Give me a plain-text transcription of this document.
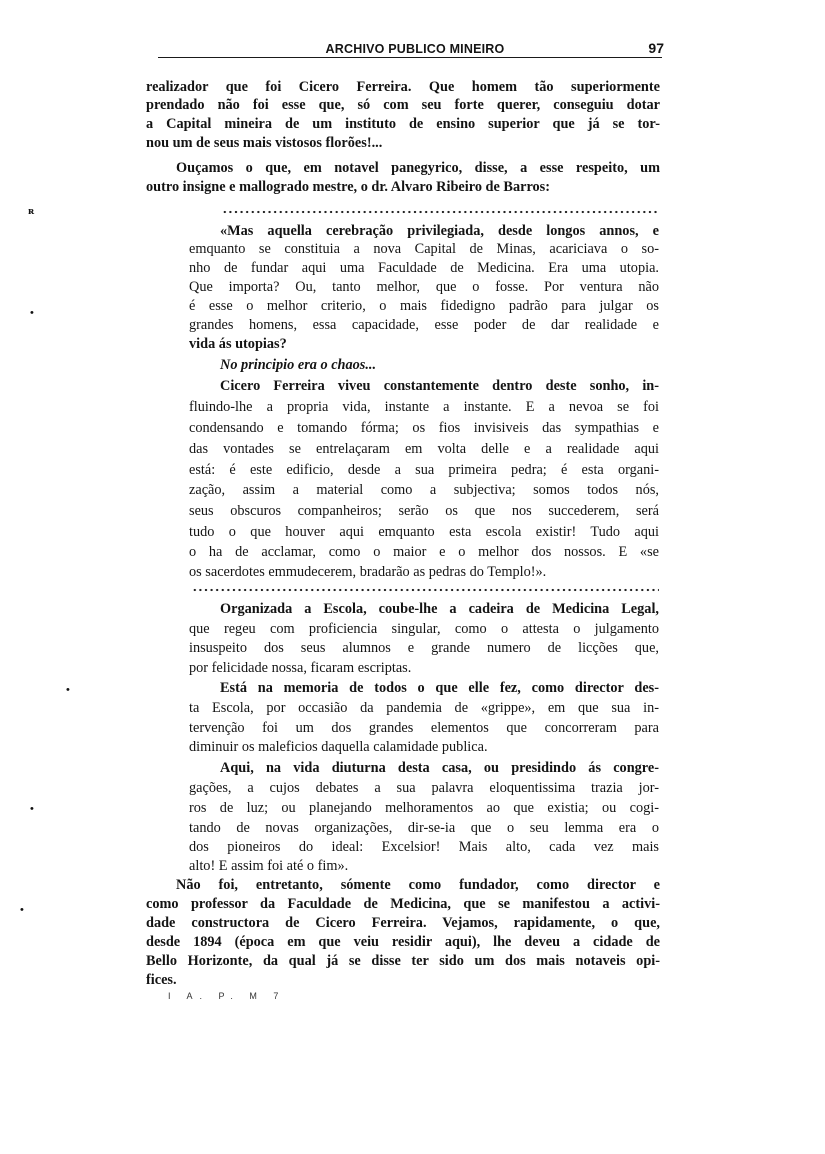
ARCHIVO PUBLICO MINEIRO	97
ʀ
•
•
•
•
realizador que foi Cicero Ferreira. Que homem tão superiormente
prendado não foi esse que, só com seu forte querer, conseguiu dotar
a Capital mineira de um instituto de ensino superior que já se tor-
nou um de seus mais vistosos florões!...
Ouçamos o que, em notavel panegyrico, disse, a esse respeito, um
outro insigne e mallogrado mestre, o dr. Alvaro Ribeiro de Barros:
«Mas aquella cerebração privilegiada, desde longos annos, e
emquanto se constituia a nova Capital de Minas, acariciava o so-
nho de fundar aqui uma Faculdade de Medicina. Era uma utopia.
Que importa? Ou, tanto melhor, que o fosse. Por ventura não
é esse o melhor criterio, o mais fidedigno padrão para julgar os
grandes homens, essa capacidade, esse poder de dar realidade e
vida ás utopias?
No principio era o chaos...
Cicero Ferreira viveu constantemente dentro deste sonho, in-
fluindo-lhe a propria vida, instante a instante. E a nevoa se foi
condensando e tomando fórma; os fios invisiveis das sympathias e
das vontades se entrelaçaram em volta delle e a realidade aqui
está: é este edificio, desde a sua primeira pedra; é esta organi-
zação, assim a material como a subjectiva; somos todos nós,
seus obscuros companheiros; serão os que nos succederem, será
tudo o que houver aqui emquanto esta escola existir! Tudo aqui
o ha de acclamar, como o maior e o melhor dos nossos. E «se
os sacerdotes emmudecerem, bradarão as pedras do Templo!».
Organizada a Escola, coube-lhe a cadeira de Medicina Legal,
que regeu com proficiencia singular, como o attesta o julgamento
insuspeito dos seus alumnos e grande numero de licções que,
por felicidade nossa, ficaram escriptas.
Está na memoria de todos o que elle fez, como director des-
ta Escola, por occasião da pandemia de «grippe», em que sua in-
tervenção foi um dos grandes elementos que concorreram para
diminuir os maleficios daquella calamidade publica.
Aqui, na vida diuturna desta casa, ou presidindo ás congre-
gações, a cujos debates a sua palavra eloquentissima trazia jor-
ros de luz; ou planejando melhoramentos ao que existia; ou cogi-
tando de novas organizações, dir-se-ia que o seu lemma era o
dos pioneiros do ideal: Excelsior! Mais alto, cada vez mais
alto! E assim foi até o fim».
Não foi, entretanto, sómente como fundador, como director e
como professor da Faculdade de Medicina, que se manifestou a activi-
dade constructora de Cicero Ferreira. Vejamos, rapidamente, o que,
desde 1894 (época em que veiu residir aqui), lhe deveu a cidade de
Bello Horizonte, da qual já se disse ter sido um dos mais notaveis opi-
fices.
I A. P. M 7
